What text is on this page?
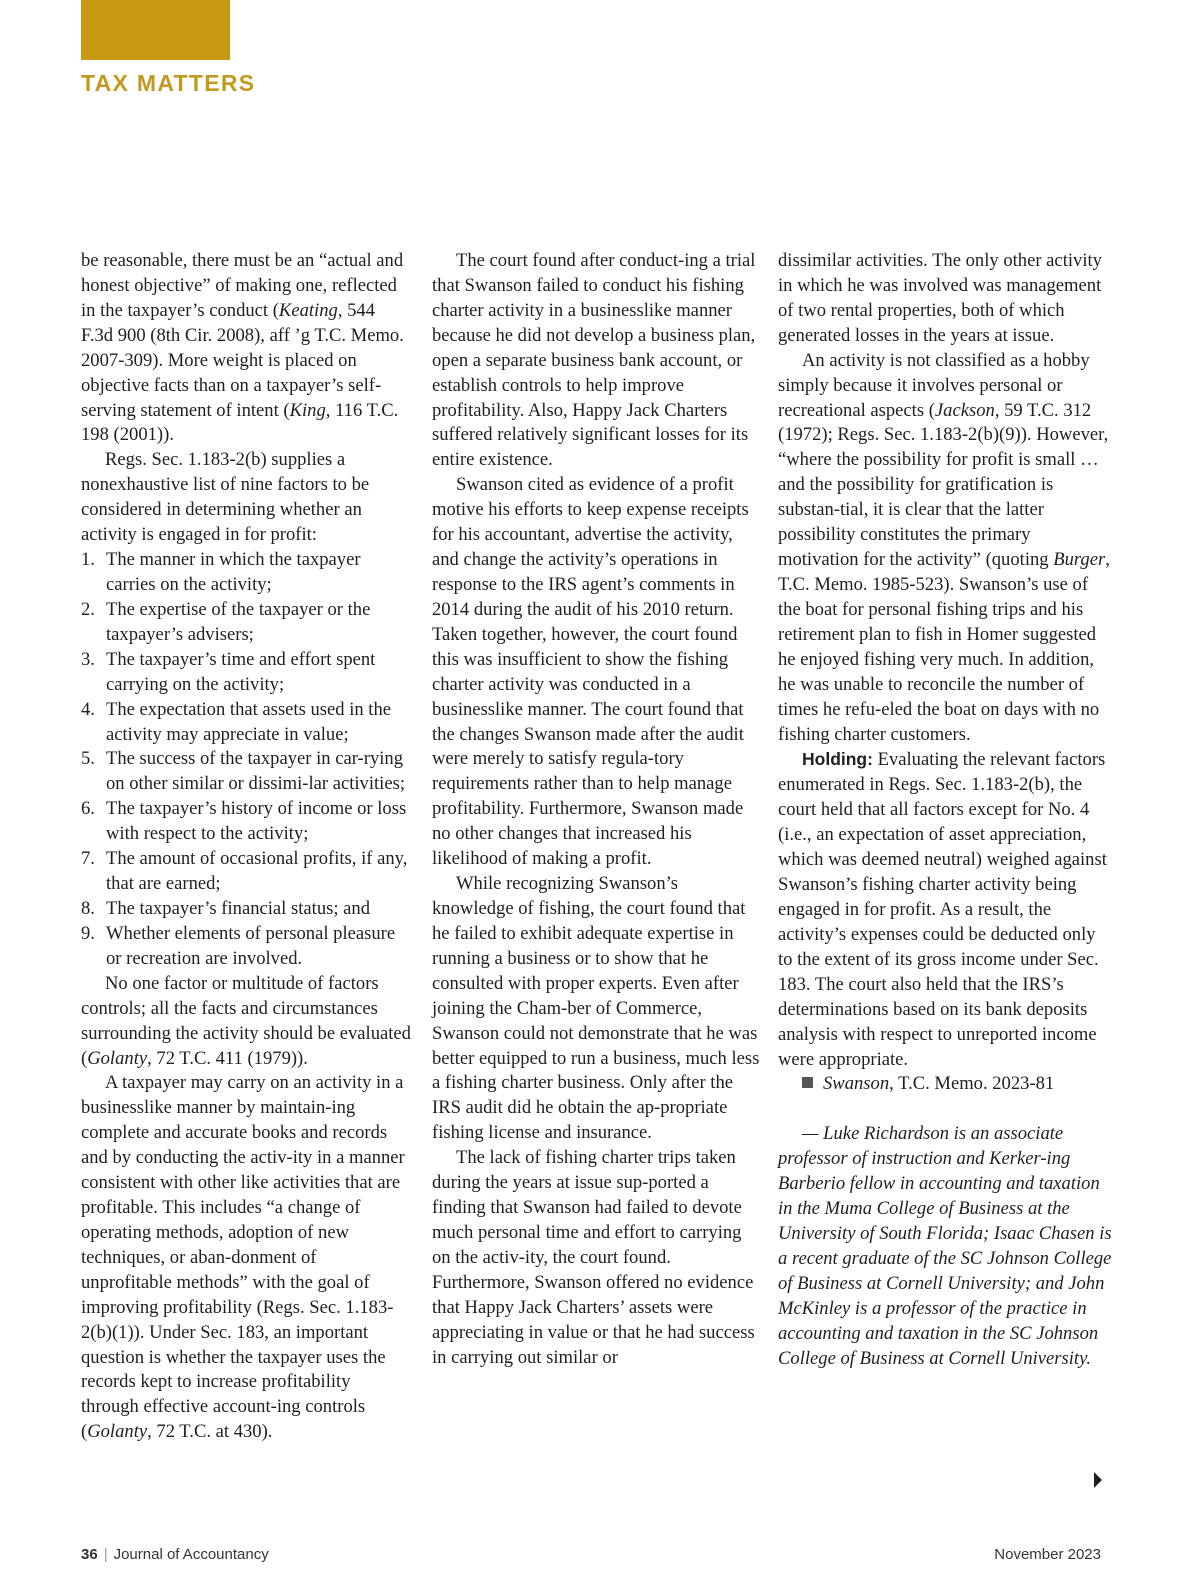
TAX MATTERS

be reasonable, there must be an “actual and honest objective” of making one, reflected in the taxpayer’s conduct (Keating, 544 F.3d 900 (8th Cir. 2008), aff ’g T.C. Memo. 2007-309). More weight is placed on objective facts than on a taxpayer’s self-serving statement of intent (King, 116 T.C. 198 (2001)).

Regs. Sec. 1.183-2(b) supplies a nonexhaustive list of nine factors to be considered in determining whether an activity is engaged in for profit:

1. The manner in which the taxpayer carries on the activity;
2. The expertise of the taxpayer or the taxpayer’s advisers;
3. The taxpayer’s time and effort spent carrying on the activity;
4. The expectation that assets used in the activity may appreciate in value;
5. The success of the taxpayer in car-rying on other similar or dissimi-lar activities;
6. The taxpayer’s history of income or loss with respect to the activity;
7. The amount of occasional profits, if any, that are earned;
8. The taxpayer’s financial status; and
9. Whether elements of personal pleasure or recreation are involved.

No one factor or multitude of factors controls; all the facts and circumstances surrounding the activity should be evaluated (Golanty, 72 T.C. 411 (1979)).

A taxpayer may carry on an activity in a businesslike manner by maintain-ing complete and accurate books and records and by conducting the activ-ity in a manner consistent with other like activities that are profitable. This includes “a change of operating methods, adoption of new techniques, or aban-donment of unprofitable methods” with the goal of improving profitability (Regs. Sec. 1.183-2(b)(1)). Under Sec. 183, an important question is whether the taxpayer uses the records kept to increase profitability through effective account-ing controls (Golanty, 72 T.C. at 430).

The court found after conduct-ing a trial that Swanson failed to conduct his fishing charter activity in a businesslike manner because he did not develop a business plan, open a separate business bank account, or establish controls to help improve profitability. Also, Happy Jack Charters suffered relatively significant losses for its entire existence.

Swanson cited as evidence of a profit motive his efforts to keep expense receipts for his accountant, advertise the activity, and change the activity’s operations in response to the IRS agent’s comments in 2014 during the audit of his 2010 return. Taken together, however, the court found this was insufficient to show the fishing charter activity was conducted in a businesslike manner. The court found that the changes Swanson made after the audit were merely to satisfy regula-tory requirements rather than to help manage profitability. Furthermore, Swanson made no other changes that increased his likelihood of making a profit.

While recognizing Swanson’s knowledge of fishing, the court found that he failed to exhibit adequate expertise in running a business or to show that he consulted with proper experts. Even after joining the Cham-ber of Commerce, Swanson could not demonstrate that he was better equipped to run a business, much less a fishing charter business. Only after the IRS audit did he obtain the ap-propriate fishing license and insurance.

The lack of fishing charter trips taken during the years at issue sup-ported a finding that Swanson had failed to devote much personal time and effort to carrying on the activ-ity, the court found. Furthermore, Swanson offered no evidence that Happy Jack Charters’ assets were appreciating in value or that he had success in carrying out similar or

dissimilar activities. The only other activity in which he was involved was management of two rental properties, both of which generated losses in the years at issue.

An activity is not classified as a hobby simply because it involves personal or recreational aspects (Jackson, 59 T.C. 312 (1972); Regs. Sec. 1.183-2(b)(9)). However, “where the possibility for profit is small … and the possibility for gratification is substan-tial, it is clear that the latter possibility constitutes the primary motivation for the activity” (quoting Burger, T.C. Memo. 1985-523). Swanson’s use of the boat for personal fishing trips and his retirement plan to fish in Homer suggested he enjoyed fishing very much. In addition, he was unable to reconcile the number of times he refu-eled the boat on days with no fishing charter customers.

Holding: Evaluating the relevant factors enumerated in Regs. Sec. 1.183-2(b), the court held that all factors except for No. 4 (i.e., an expectation of asset appreciation, which was deemed neutral) weighed against Swanson’s fishing charter activity being engaged in for profit. As a result, the activity’s expenses could be deducted only to the extent of its gross income under Sec. 183. The court also held that the IRS’s determinations based on its bank deposits analysis with respect to unreported income were appropriate.

Swanson, T.C. Memo. 2023-81

— Luke Richardson is an associate professor of instruction and Kerker-ing Barberio fellow in accounting and taxation in the Muma College of Business at the University of South Florida; Isaac Chasen is a recent graduate of the SC Johnson College of Business at Cornell University; and John McKinley is a professor of the practice in accounting and taxation in the SC Johnson College of Business at Cornell University.

36 | Journal of Accountancy	November 2023
